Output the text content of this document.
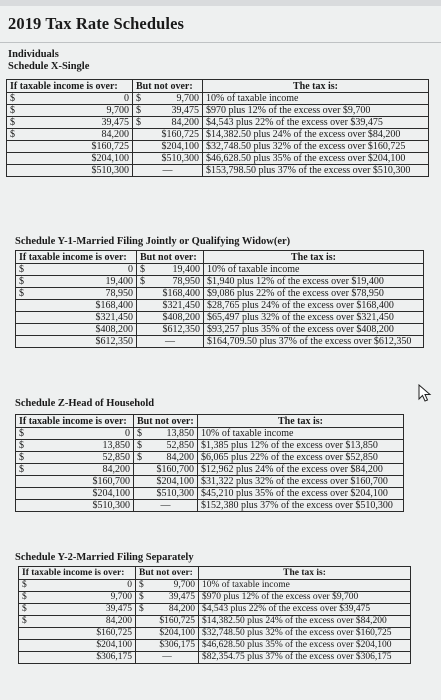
2019 Tax Rate Schedules
Individuals
Schedule X-Single
If taxable income is over:	But not over:	The tax is:

$ 0	$ 9,700	10% of taxable income

$ 9,700	$ 39,475	$970 plus 12% of the excess over $9,700

$ 39,475	$ 84,200	$4,543 plus 22% of the excess over $39,475

$ 84,200	$160,725	$14,382.50 plus 24% of the excess over $84,200

$160,725	$204,100	$32,748.50 plus 32% of the excess over $160,725

$204,100	$510,300	$46,628.50 plus 35% of the excess over $204,100

$510,300	—	$153,798.50 plus 37% of the excess over $510,300
Schedule Y-1-Married Filing Jointly or Qualifying Widow(er)
If taxable income is over:	But not over:	The tax is:

$ 0	$ 19,400	10% of taxable income

$ 19,400	$ 78,950	$1,940 plus 12% of the excess over $19,400

$ 78,950	$168,400	$9,086 plus 22% of the excess over $78,950

$168,400	$321,450	$28,765 plus 24% of the excess over $168,400

$321,450	$408,200	$65,497 plus 32% of the excess over $321,450

$408,200	$612,350	$93,257 plus 35% of the excess over $408,200

$612,350	—	$164,709.50 plus 37% of the excess over $612,350
Schedule Z-Head of Household
If taxable income is over:	But not over:	The tax is:

$ 0	$ 13,850	10% of taxable income

$ 13,850	$ 52,850	$1,385 plus 12% of the excess over $13,850

$ 52,850	$ 84,200	$6,065 plus 22% of the excess over $52,850

$ 84,200	$160,700	$12,962 plus 24% of the excess over $84,200

$160,700	$204,100	$31,322 plus 32% of the excess over $160,700

$204,100	$510,300	$45,210 plus 35% of the excess over $204,100

$510,300	—	$152,380 plus 37% of the excess over $510,300
Schedule Y-2-Married Filing Separately
If taxable income is over:	But not over:	The tax is:

$ 0	$ 9,700	10% of taxable income

$ 9,700	$ 39,475	$970 plus 12% of the excess over $9,700

$ 39,475	$ 84,200	$4,543 plus 22% of the excess over $39,475

$ 84,200	$160,725	$14,382.50 plus 24% of the excess over $84,200

$160,725	$204,100	$32,748.50 plus 32% of the excess over $160,725

$204,100	$306,175	$46,628.50 plus 35% of the excess over $204,100

$306,175	—	$82,354.75 plus 37% of the excess over $306,175
